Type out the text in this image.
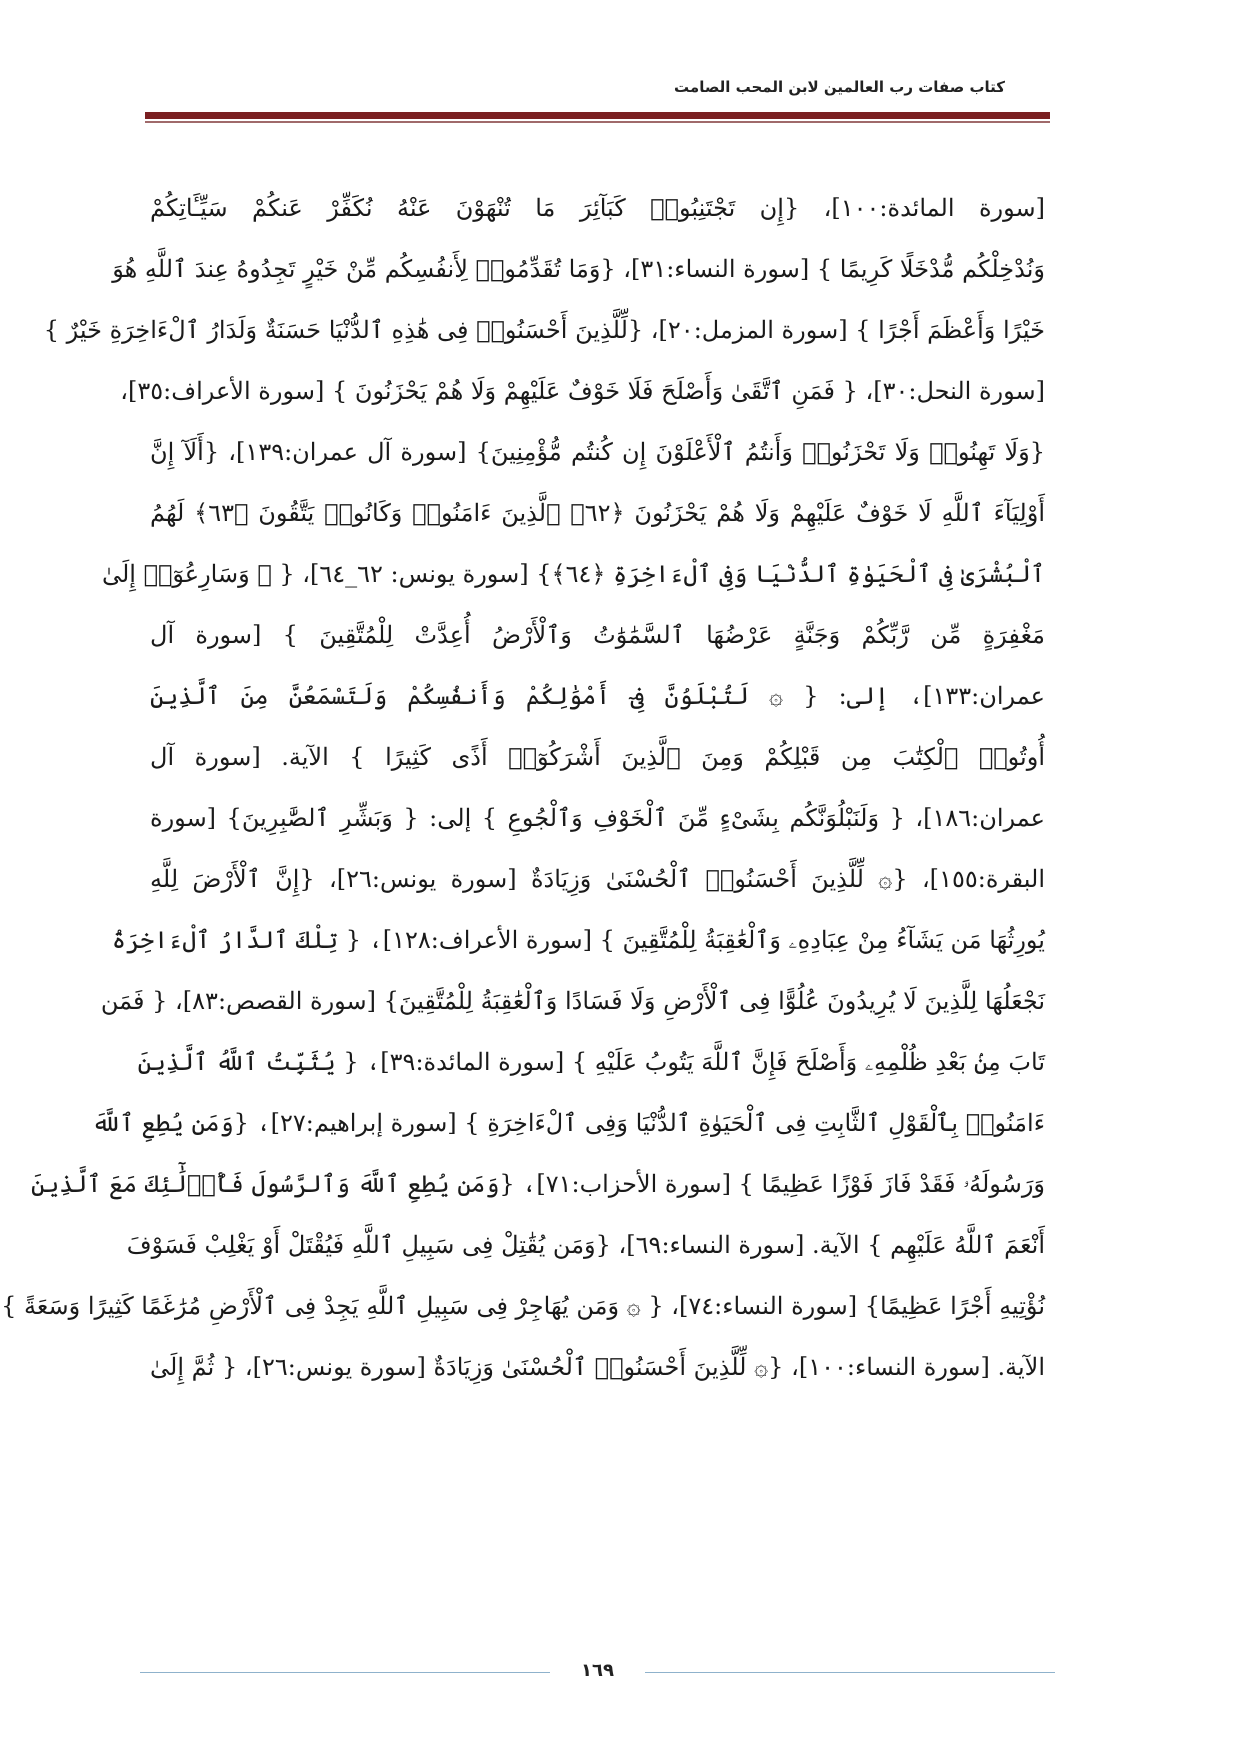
كتاب صفات رب العالمين لابن المحب الصامت
[سورة المائدة:١٠٠]، {إِن تَجْتَنِبُوا۟ كَبَآئِرَ مَا تُنْهَوْنَ عَنْهُ نُكَفِّرْ عَنكُمْ سَيِّـَٔاتِكُمْ
وَنُدْخِلْكُم مُّدْخَلًا كَرِيمًا } [سورة النساء:٣١]، {وَمَا تُقَدِّمُوا۟ لِأَنفُسِكُم مِّنْ خَيْرٍ تَجِدُوهُ عِندَ ٱللَّهِ هُوَ
خَيْرًا وَأَعْظَمَ أَجْرًا } [سورة المزمل:٢٠]، {لِّلَّذِينَ أَحْسَنُوا۟ فِى هَٰذِهِ ٱلدُّنْيَا حَسَنَةٌ وَلَدَارُ ٱلْءَاخِرَةِ خَيْرٌ }
[سورة النحل:٣٠]، { فَمَنِ ٱتَّقَىٰ وَأَصْلَحَ فَلَا خَوْفٌ عَلَيْهِمْ وَلَا هُمْ يَحْزَنُونَ } [سورة الأعراف:٣٥]،
{وَلَا تَهِنُوا۟ وَلَا تَحْزَنُوا۟ وَأَنتُمُ ٱلْأَعْلَوْنَ إِن كُنتُم مُّؤْمِنِينَ} [سورة آل عمران:١٣٩]، {أَلَآ إِنَّ
أَوْلِيَآءَ ٱللَّهِ لَا خَوْفٌ عَلَيْهِمْ وَلَا هُمْ يَحْزَنُونَ ﴿٦٢﴾ ٱلَّذِينَ ءَامَنُوا۟ وَكَانُوا۟ يَتَّقُونَ ﴿٦٣﴾ لَهُمُ
ٱلْبُشْرَىٰ فِى ٱلْحَيَوٰةِ ٱلدُّنْيَا وَفِى ٱلْءَاخِرَةِ ﴿٦٤﴾} [سورة يونس: ٦٢_٦٤]، { ۞ وَسَارِعُوٓا۟ إِلَىٰ
مَغْفِرَةٍ مِّن رَّبِّكُمْ وَجَنَّةٍ عَرْضُهَا ٱلسَّمَٰوَٰتُ وَٱلْأَرْضُ أُعِدَّتْ لِلْمُتَّقِينَ } [سورة آل
عمران:١٣٣]، إلى: { ۞ لَتُبْلَوُنَّ فِىٓ أَمْوَٰلِكُمْ وَأَنفُسِكُمْ وَلَتَسْمَعُنَّ مِنَ ٱلَّذِينَ
أُوتُوا۟ ٱلْكِتَٰبَ مِن قَبْلِكُمْ وَمِنَ ٱلَّذِينَ أَشْرَكُوٓا۟ أَذًى كَثِيرًا } الآية. [سورة آل
عمران:١٨٦]، { وَلَنَبْلُوَنَّكُم بِشَىْءٍ مِّنَ ٱلْخَوْفِ وَٱلْجُوعِ } إلى: { وَبَشِّرِ ٱلصَّٰبِرِينَ} [سورة
البقرة:١٥٥]، {۞ لِّلَّذِينَ أَحْسَنُوا۟ ٱلْحُسْنَىٰ وَزِيَادَةٌ [سورة يونس:٢٦]، {إِنَّ ٱلْأَرْضَ لِلَّهِ
يُورِثُهَا مَن يَشَآءُ مِنْ عِبَادِهِۦ وَٱلْعَٰقِبَةُ لِلْمُتَّقِينَ } [سورة الأعراف:١٢٨]، { تِلْكَ ٱلدَّارُ ٱلْءَاخِرَةُ
نَجْعَلُهَا لِلَّذِينَ لَا يُرِيدُونَ عُلُوًّا فِى ٱلْأَرْضِ وَلَا فَسَادًا وَٱلْعَٰقِبَةُ لِلْمُتَّقِينَ} [سورة القصص:٨٣]، { فَمَن
تَابَ مِنۢ بَعْدِ ظُلْمِهِۦ وَأَصْلَحَ فَإِنَّ ٱللَّهَ يَتُوبُ عَلَيْهِ } [سورة المائدة:٣٩]، { يُثَبِّتُ ٱللَّهُ ٱلَّذِينَ
ءَامَنُوا۟ بِٱلْقَوْلِ ٱلثَّابِتِ فِى ٱلْحَيَوٰةِ ٱلدُّنْيَا وَفِى ٱلْءَاخِرَةِ } [سورة إبراهيم:٢٧]، {وَمَن يُطِعِ ٱللَّهَ
وَرَسُولَهُۥ فَقَدْ فَازَ فَوْزًا عَظِيمًا } [سورة الأحزاب:٧١]، {وَمَن يُطِعِ ٱللَّهَ وَٱلرَّسُولَ فَأُو۟لَٰٓئِكَ مَعَ ٱلَّذِينَ
أَنْعَمَ ٱللَّهُ عَلَيْهِم } الآية. [سورة النساء:٦٩]، {وَمَن يُقَٰتِلْ فِى سَبِيلِ ٱللَّهِ فَيُقْتَلْ أَوْ يَغْلِبْ فَسَوْفَ
نُؤْتِيهِ أَجْرًا عَظِيمًا} [سورة النساء:٧٤]، { ۞ وَمَن يُهَاجِرْ فِى سَبِيلِ ٱللَّهِ يَجِدْ فِى ٱلْأَرْضِ مُرَٰغَمًا كَثِيرًا وَسَعَةً }
الآية. [سورة النساء:١٠٠]، {۞ لِّلَّذِينَ أَحْسَنُوا۟ ٱلْحُسْنَىٰ وَزِيَادَةٌ [سورة يونس:٢٦]، { ثُمَّ إِلَىٰ
١٦٩
